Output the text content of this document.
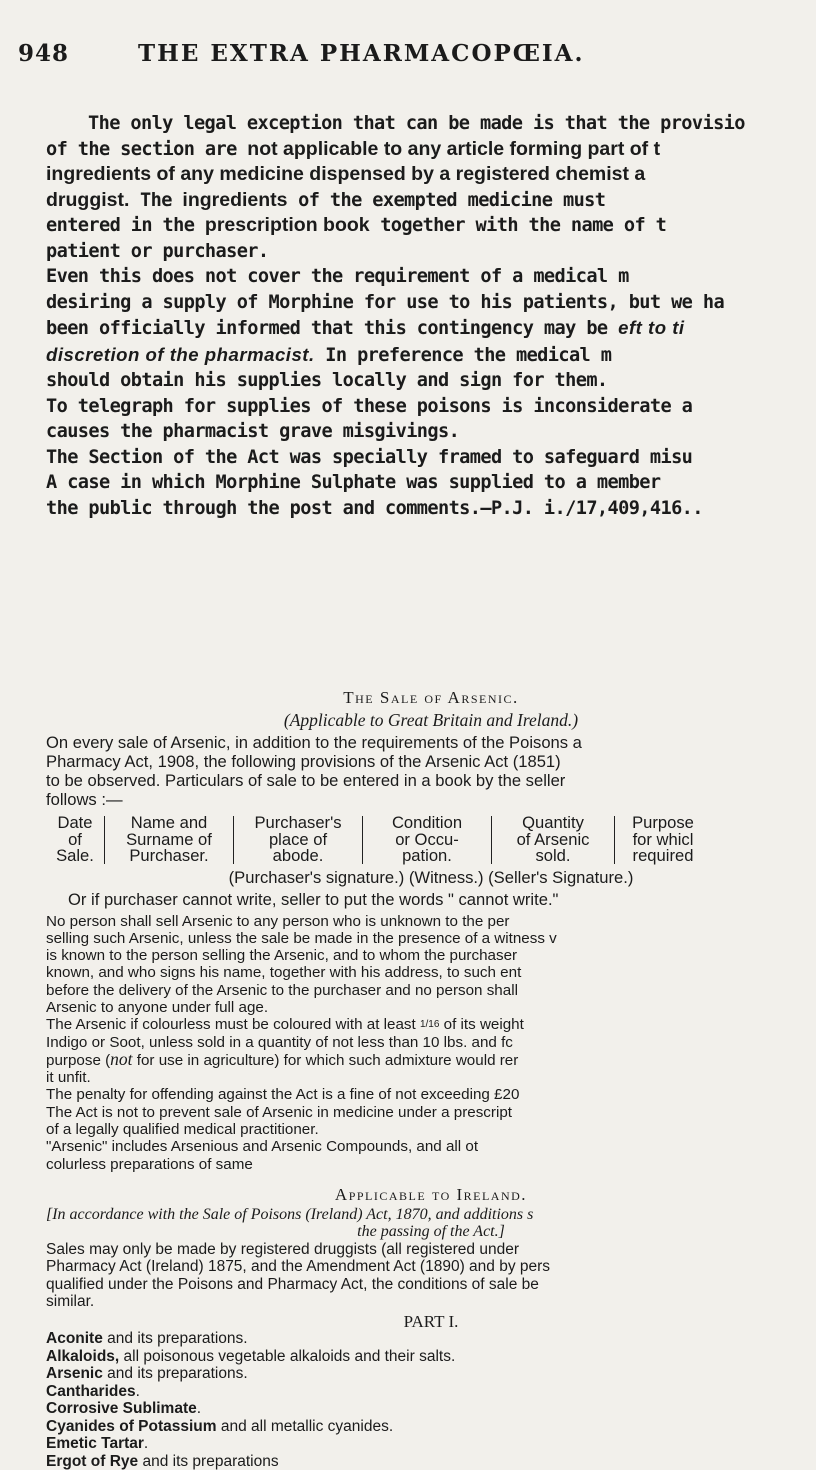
948	THE EXTRA PHARMACOPŒIA.

The only legal exception that can be made is that the provisio

of the section are not applicable to any article forming part of t

ingredients of any medicine dispensed by a registered chemist a

druggist. The ingredients of the exempted medicine must

entered in the prescription book together with the name of t

patient or purchaser.

Even this does not cover the requirement of a medical m

desiring a supply of Morphine for use to his patients, but we ha

been officially informed that this contingency may be eft to ti

discretion of the pharmacist. In preference the medical m

should obtain his supplies locally and sign for them.

To telegraph for supplies of these poisons is inconsiderate a

causes the pharmacist grave misgivings.

The Section of the Act was specially framed to safeguard misu

A case in which Morphine Sulphate was supplied to a member

the public through the post and comments.—P.J. i./17,409,416..

The Sale of Arsenic.

(Applicable to Great Britain and Ireland.)

On every sale of Arsenic, in addition to the requirements of the Poisons a

Pharmacy Act, 1908, the following provisions of the Arsenic Act (1851)

to be observed. Particulars of sale to be entered in a book by the seller

follows :—

Date
of
Sale.
Name and
Surname of
Purchaser.
Purchaser's
place of
abode.
Condition
or Occu-
pation.
Quantity
of Arsenic
sold.
Purpose
for whicl
required

(Purchaser's signature.) (Witness.) (Seller's Signature.)

Or if purchaser cannot write, seller to put the words " cannot write."

No person shall sell Arsenic to any person who is unknown to the per

selling such Arsenic, unless the sale be made in the presence of a witness v

is known to the person selling the Arsenic, and to whom the purchaser

known, and who signs his name, together with his address, to such ent

before the delivery of the Arsenic to the purchaser and no person shall

Arsenic to anyone under full age.

The Arsenic if colourless must be coloured with at least 1/16 of its weight

Indigo or Soot, unless sold in a quantity of not less than 10 lbs. and fc

purpose (not for use in agriculture) for which such admixture would rer

it unfit.

The penalty for offending against the Act is a fine of not exceeding £20

The Act is not to prevent sale of Arsenic in medicine under a prescript

of a legally qualified medical practitioner.

"Arsenic" includes Arsenious and Arsenic Compounds, and all ot

colurless preparations of same

Applicable to Ireland.

[In accordance with the Sale of Poisons (Ireland) Act, 1870, and additions s

the passing of the Act.]

Sales may only be made by registered druggists (all registered under

Pharmacy Act (Ireland) 1875, and the Amendment Act (1890) and by pers

qualified under the Poisons and Pharmacy Act, the conditions of sale be

similar.

PART I.

Aconite and its preparations.

Alkaloids, all poisonous vegetable alkaloids and their salts.

Arsenic and its preparations.

Cantharides.

Corrosive Sublimate.

Cyanides of Potassium and all metallic cyanides.

Emetic Tartar.

Ergot of Rye and its preparations
